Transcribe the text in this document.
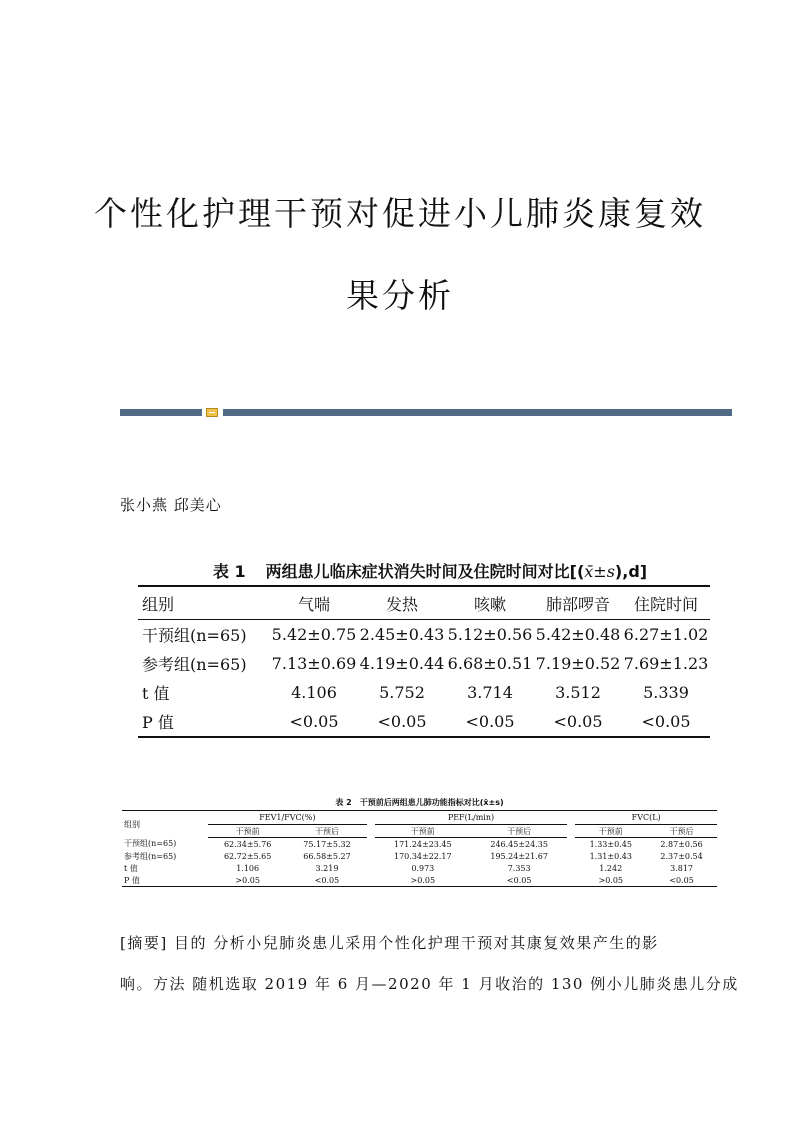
个性化护理干预对促进小儿肺炎康复效
果分析

张小燕 邱美心

表 1 两组患儿临床症状消失时间及住院时间对比[(x̄±s),d]

组别	气喘	发热	咳嗽	肺部啰音	住院时间
干预组(n=65)	5.42±0.75	2.45±0.43	5.12±0.56	5.42±0.48	6.27±1.02
参考组(n=65)	7.13±0.69	4.19±0.44	6.68±0.51	7.19±0.52	7.69±1.23
t 值	4.106	5.752	3.714	3.512	5.339
P 值	<0.05	<0.05	<0.05	<0.05	<0.05

表 2　干预前后两组患儿肺功能指标对比(x̄±s)

组别	FEV1/FVC(%)			PEF(L/min)			FVC(L)	
	干预前	干预后		干预前	干预后		干预前	干预后
干预组(n=65)	62.34±5.76	75.17±5.32		171.24±23.45	246.45±24.35		1.33±0.45	2.87±0.56
参考组(n=65)	62.72±5.65	66.58±5.27		170.34±22.17	195.24±21.67		1.31±0.43	2.37±0.54
t 值	1.106	3.219		0.973	7.353		1.242	3.817
P 值	>0.05	<0.05		>0.05	<0.05		>0.05	<0.05

[摘要] 目的 分析小兒肺炎患儿采用个性化护理干预对其康复效果产生的影

响。方法 随机选取 2019 年 6 月—2020 年 1 月收治的 130 例小儿肺炎患儿分成
